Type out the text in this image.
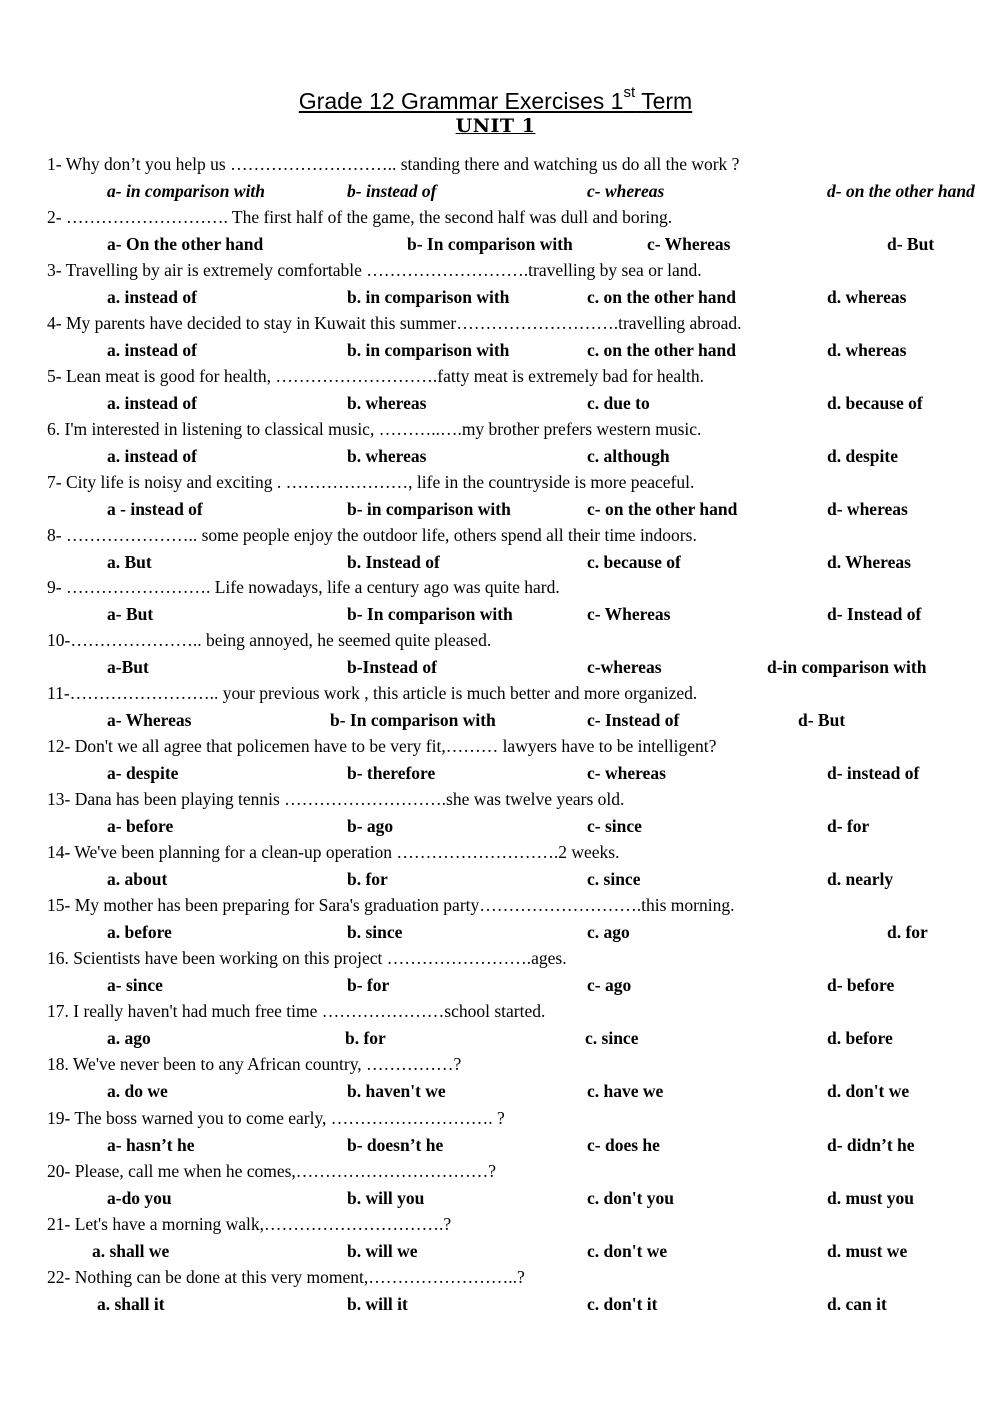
Grade 12 Grammar Exercises 1st Term
UNIT 1
1- Why don’t you help us ……………………….. standing there and watching us do all the work ?
a- in comparison with	b- instead of	c- whereas	d- on the other hand
2- ………………………. The first half of the game, the second half was dull and boring.
a- On the other hand	b- In comparison with	c- Whereas	d- But
3- Travelling by air is extremely comfortable ……………………….travelling by sea or land.
a. instead of	b. in comparison with	c. on the other hand	d. whereas
4- My parents have decided to stay in Kuwait this summer……………………….travelling abroad.
a. instead of	b. in comparison with	c. on the other hand	d. whereas
5- Lean meat is good for health, ……………………….fatty meat is extremely bad for health.
a. instead of	b. whereas	c. due to	d. because of
6. I'm interested in listening to classical music, ………..….my brother prefers western music.
a. instead of	b. whereas	c. although	d. despite
7- City life is noisy and exciting . …………………, life in the countryside is more peaceful.
a - instead of	b- in comparison with	c- on the other hand	d- whereas
8- ………………….. some people enjoy the outdoor life, others spend all their time indoors.
a. But	b. Instead of	c. because of	d. Whereas
9- ……………………. Life nowadays, life a century ago was quite hard.
a- But	b- In comparison with	c- Whereas	d- Instead of
10-………………….. being annoyed, he seemed quite pleased.
a-But	b-Instead of	c-whereas	d-in comparison with
11-…………………….. your previous work , this article is much better and more organized.
a- Whereas	b- In comparison with	c- Instead of	d- But
12- Don't we all agree that policemen have to be very fit,……… lawyers have to be intelligent?
a- despite	b- therefore	c- whereas	d- instead of
13- Dana has been playing tennis ……………………….she was twelve years old.
a- before	b- ago	c- since	d- for
14- We've been planning for a clean-up operation ……………………….2 weeks.
a. about	b. for	c. since	d. nearly
15- My mother has been preparing for Sara's graduation party……………………….this morning.
a. before	b. since	c. ago	d. for
16. Scientists have been working on this project …………………….ages.
a- since	b- for	c- ago	d- before
17. I really haven't had much free time …………………school started.
a. ago	b. for	c. since	d. before
18. We've never been to any African country, ……………?
a. do we	b. haven't we	c. have we	d. don't we
19- The boss warned you to come early, ………………………. ?
a- hasn’t he	b- doesn’t he	c- does he	d- didn’t he
20- Please, call me when he comes,……………………………?
a-do you	b. will you	c. don't you	d. must you
21- Let's have a morning walk,………………………….?
a. shall we	b. will we	c. don't we	d. must we
22- Nothing can be done at this very moment,……………………..?
a. shall it	b. will it	c. don't it	d. can it
